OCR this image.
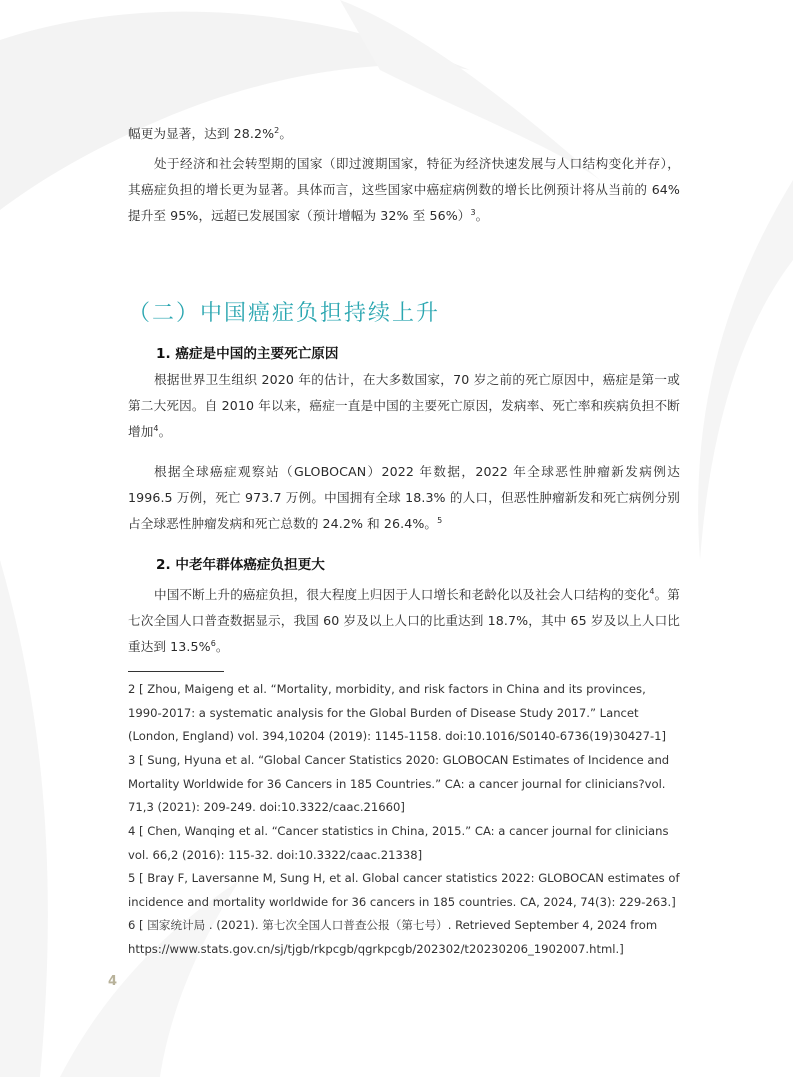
幅更为显著，达到 28.2%$^2$。

处于经济和社会转型期的国家（即过渡期国家，特征为经济快速发展与人口结构变化并存），其癌症负担的增长更为显著。具体而言，这些国家中癌症病例数的增长比例预计将从当前的 64% 提升至 95%，远超已发展国家（预计增幅为 32% 至 56%）$^3$。

（二）中国癌症负担持续上升
1. 癌症是中国的主要死亡原因

根据世界卫生组织 2020 年的估计，在大多数国家，70 岁之前的死亡原因中，癌症是第一或第二大死因。自 2010 年以来，癌症一直是中国的主要死亡原因，发病率、死亡率和疾病负担不断增加$^4$。

根据全球癌症观察站（GLOBOCAN）2022 年数据，2022 年全球恶性肿瘤新发病例达 1996.5 万例，死亡 973.7 万例。中国拥有全球 18.3% 的人口，但恶性肿瘤新发和死亡病例分别占全球恶性肿瘤发病和死亡总数的 24.2% 和 26.4%。$^5$

2. 中老年群体癌症负担更大

中国不断上升的癌症负担，很大程度上归因于人口增长和老龄化以及社会人口结构的变化$^4$。第七次全国人口普查数据显示，我国 60 岁及以上人口的比重达到 18.7%，其中 65 岁及以上人口比重达到 13.5%$^6$。

2 [ Zhou, Maigeng et al. “Mortality, morbidity, and risk factors in China and its provinces, 1990-2017: a systematic analysis for the Global Burden of Disease Study 2017.” Lancet (London, England) vol. 394,10204 (2019): 1145-1158. doi:10.1016/S0140-6736(19)30427-1]

3 [ Sung, Hyuna et al. “Global Cancer Statistics 2020: GLOBOCAN Estimates of Incidence and Mortality Worldwide for 36 Cancers in 185 Countries.” CA: a cancer journal for clinicians?vol. 71,3 (2021): 209-249. doi:10.3322/caac.21660]

4 [ Chen, Wanqing et al. “Cancer statistics in China, 2015.” CA: a cancer journal for clinicians vol. 66,2 (2016): 115-32. doi:10.3322/caac.21338]

5 [ Bray F, Laversanne M, Sung H, et al. Global cancer statistics 2022: GLOBOCAN estimates of incidence and mortality worldwide for 36 cancers in 185 countries. CA, 2024, 74(3): 229-263.]

6 [ 国家统计局 . (2021). 第七次全国人口普查公报（第七号）. Retrieved September 4, 2024 from https://www.stats.gov.cn/sj/tjgb/rkpcgb/qgrkpcgb/202302/t20230206_1902007.html.]

4
